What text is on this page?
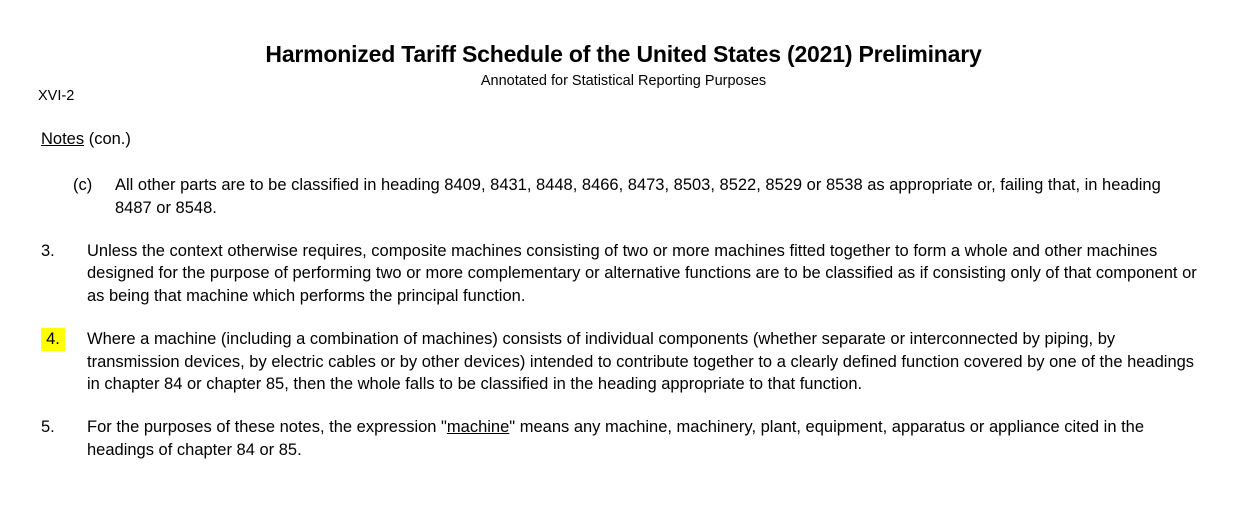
Harmonized Tariff Schedule of the United States (2021) Preliminary
Annotated for Statistical Reporting Purposes
XVI-2
Notes (con.)
(c)	All other parts are to be classified in heading 8409, 8431, 8448, 8466, 8473, 8503, 8522, 8529 or 8538 as appropriate or, failing that, in heading 8487 or 8548.
3.	Unless the context otherwise requires, composite machines consisting of two or more machines fitted together to form a whole and other machines designed for the purpose of performing two or more complementary or alternative functions are to be classified as if consisting only of that component or as being that machine which performs the principal function.
4.	Where a machine (including a combination of machines) consists of individual components (whether separate or interconnected by piping, by transmission devices, by electric cables or by other devices) intended to contribute together to a clearly defined function covered by one of the headings in chapter 84 or chapter 85, then the whole falls to be classified in the heading appropriate to that function.
5.	For the purposes of these notes, the expression "machine" means any machine, machinery, plant, equipment, apparatus or appliance cited in the headings of chapter 84 or 85.
